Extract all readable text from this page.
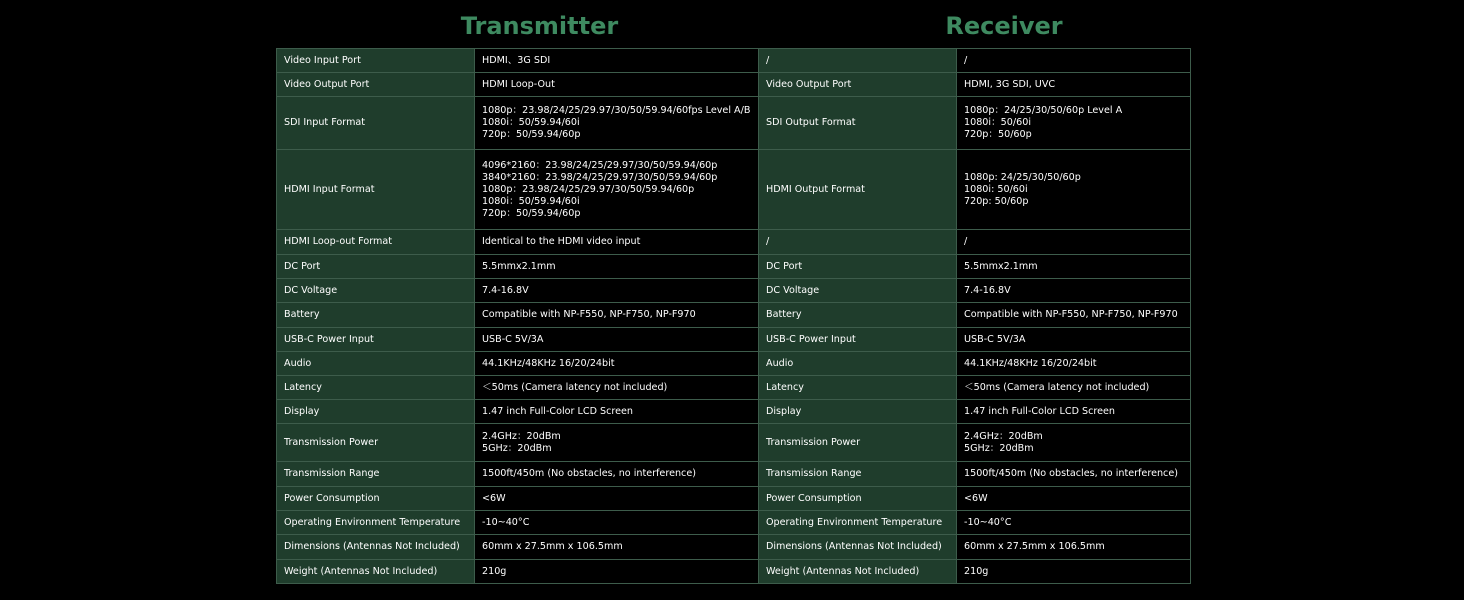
Transmitter	Receiver
Video Input Port	HDMI、3G SDI	/	/

Video Output Port	HDMI Loop-Out	Video Output Port	HDMI, 3G SDI, UVC

SDI Input Format	1080p：23.98/24/25/29.97/30/50/59.94/60fps Level A/B
1080i：50/59.94/60i
720p：50/59.94/60p	SDI Output Format	1080p：24/25/30/50/60p Level A
1080i：50/60i
720p：50/60p

HDMI Input Format	4096*2160：23.98/24/25/29.97/30/50/59.94/60p
3840*2160：23.98/24/25/29.97/30/50/59.94/60p
1080p：23.98/24/25/29.97/30/50/59.94/60p
1080i：50/59.94/60i
720p：50/59.94/60p	HDMI Output Format	1080p: 24/25/30/50/60p
1080i: 50/60i
720p: 50/60p

HDMI Loop-out Format	Identical to the HDMI video input	/	/

DC Port	5.5mmx2.1mm	DC Port	5.5mmx2.1mm

DC Voltage	7.4-16.8V	DC Voltage	7.4-16.8V

Battery	Compatible with NP-F550, NP-F750, NP-F970	Battery	Compatible with NP-F550, NP-F750, NP-F970

USB-C Power Input	USB-C 5V/3A	USB-C Power Input	USB-C 5V/3A

Audio	44.1KHz/48KHz 16/20/24bit	Audio	44.1KHz/48KHz 16/20/24bit

Latency	＜50ms (Camera latency not included)	Latency	＜50ms (Camera latency not included)

Display	1.47 inch Full-Color LCD Screen	Display	1.47 inch Full-Color LCD Screen

Transmission Power	2.4GHz：20dBm
5GHz：20dBm	Transmission Power	2.4GHz：20dBm
5GHz：20dBm

Transmission Range	1500ft/450m (No obstacles, no interference)	Transmission Range	1500ft/450m (No obstacles, no interference)

Power Consumption	<6W	Power Consumption	<6W

Operating Environment Temperature	-10~40°C	Operating Environment Temperature	-10~40°C

Dimensions (Antennas Not Included)	60mm x 27.5mm x 106.5mm	Dimensions (Antennas Not Included)	60mm x 27.5mm x 106.5mm

Weight (Antennas Not Included)	210g	Weight (Antennas Not Included)	210g
